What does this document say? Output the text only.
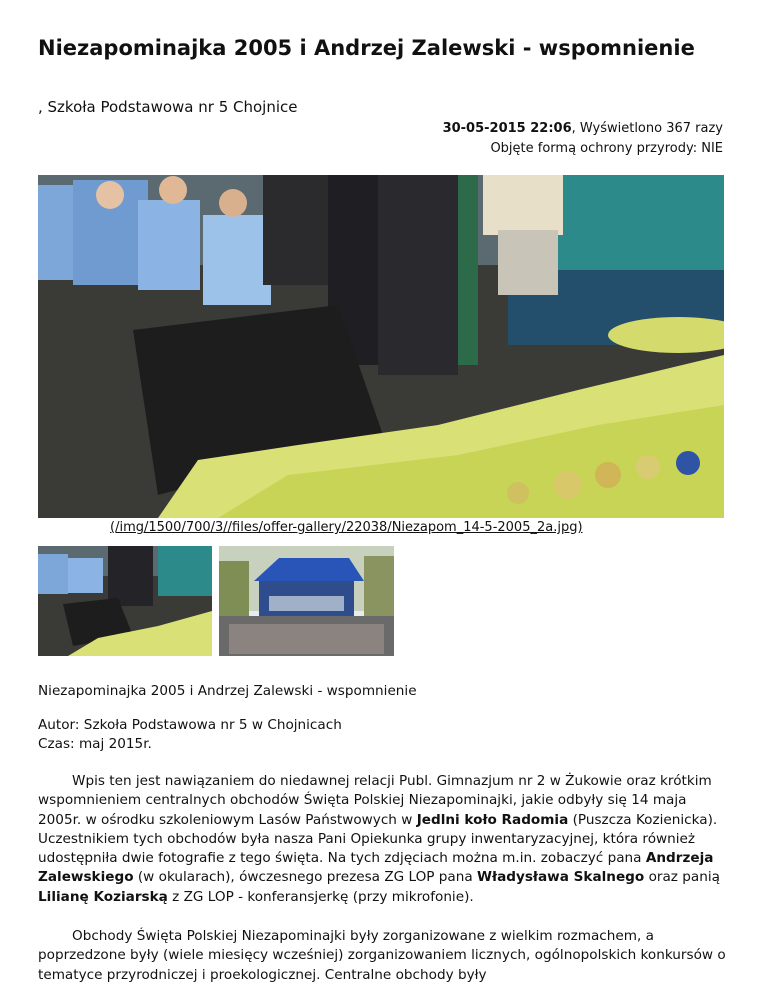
Niezapominajka 2005 i Andrzej Zalewski - wspomnienie
, Szkoła Podstawowa nr 5 Chojnice
30-05-2015 22:06, Wyświetlono 367 razy
Objęte formą ochrony przyrody: NIE
(/img/1500/700/3//files/offer-gallery/22038/Niezapom_14-5-2005_2a.jpg)
Niezapominajka 2005 i Andrzej Zalewski - wspomnienie
Autor: Szkoła Podstawowa nr 5 w Chojnicach
Czas: maj 2015r.

Wpis ten jest nawiązaniem do niedawnej relacji Publ. Gimnazjum nr 2 w Żukowie oraz krótkim wspomnieniem centralnych obchodów Święta Polskiej Niezapominajki, jakie odbyły się 14 maja 2005r. w ośrodku szkoleniowym Lasów Państwowych w Jedlni koło Radomia (Puszcza Kozienicka). Uczestnikiem tych obchodów była nasza Pani Opiekunka grupy inwentaryzacyjnej, która również udostępniła dwie fotografie z tego święta. Na tych zdjęciach można m.in. zobaczyć pana Andrzeja Zalewskiego (w okularach), ówczesnego prezesa ZG LOP pana Władysława Skalnego oraz panią Lilianę Koziarską z ZG LOP - konferansjerkę (przy mikrofonie).

Obchody Święta Polskiej Niezapominajki były zorganizowane z wielkim rozmachem, a poprzedzone były (wiele miesięcy wcześniej) zorganizowaniem licznych, ogólnopolskich konkursów o tematyce przyrodniczej i proekologicznej. Centralne obchody były
